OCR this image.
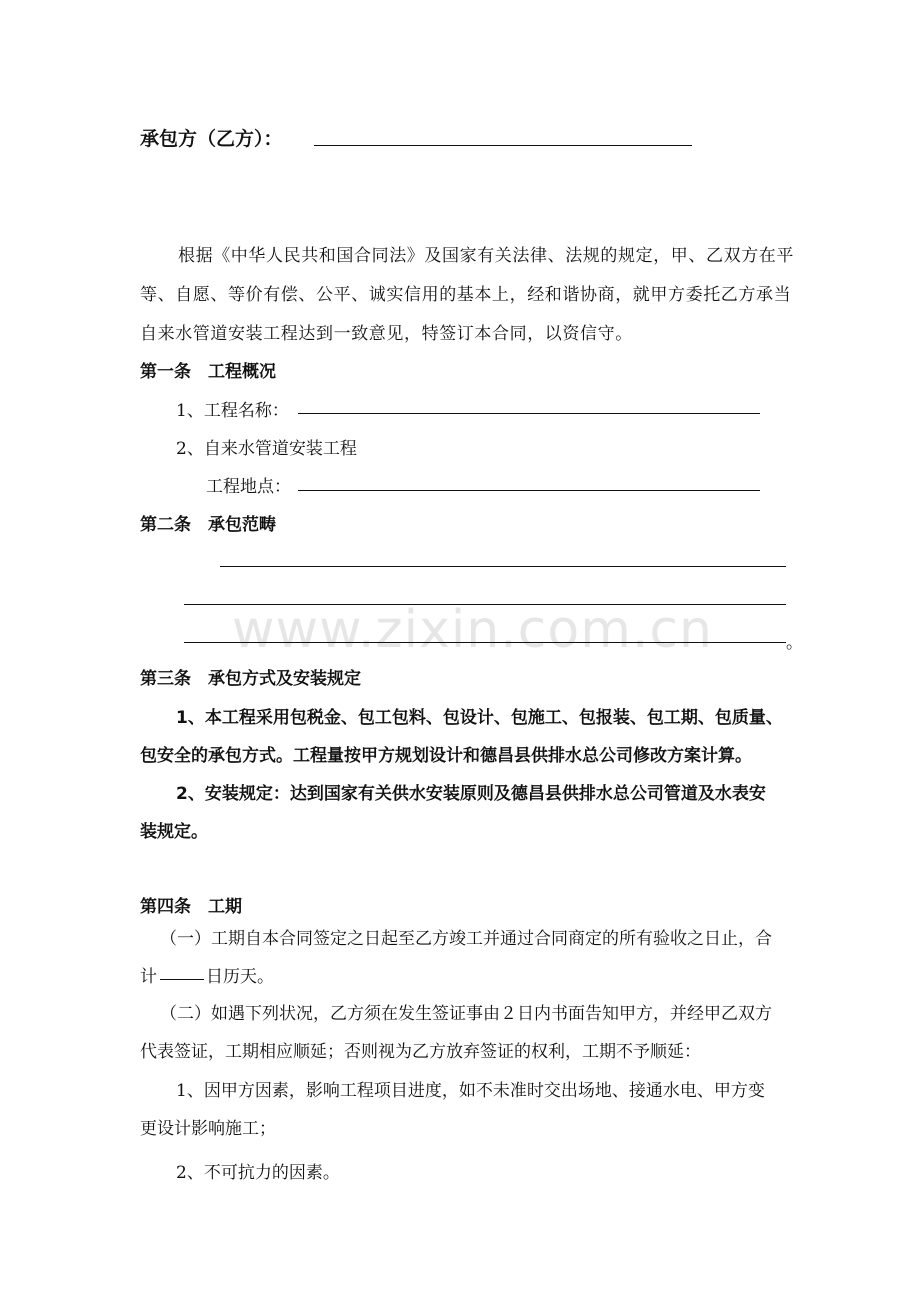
www.zixin.com.cn
承包方（乙方）：
根据《中华人民共和国合同法》及国家有关法律、法规的规定，甲、乙双方在平
等、自愿、等价有偿、公平、诚实信用的基本上，经和谐协商，就甲方委托乙方承当
自来水管道安装工程达到一致意见，特签订本合同，以资信守。
第一条　工程概况
1、工程名称：
2、自来水管道安装工程
工程地点：
第二条　承包范畴
。
第三条　承包方式及安装规定
1、本工程采用包税金、包工包料、包设计、包施工、包报装、包工期、包质量、
包安全的承包方式。工程量按甲方规划设计和德昌县供排水总公司修改方案计算。
2、安装规定：达到国家有关供水安装原则及德昌县供排水总公司管道及水表安
装规定。
第四条　工期
（一）工期自本合同签定之日起至乙方竣工并通过合同商定的所有验收之日止，合
计	日历天。
（二）如遇下列状况，乙方须在发生签证事由２日内书面告知甲方，并经甲乙双方
代表签证，工期相应顺延；否则视为乙方放弃签证的权利，工期不予顺延：
1、因甲方因素，影响工程项目进度，如不未准时交出场地、接通水电、甲方变
更设计影响施工；
2、不可抗力的因素。
